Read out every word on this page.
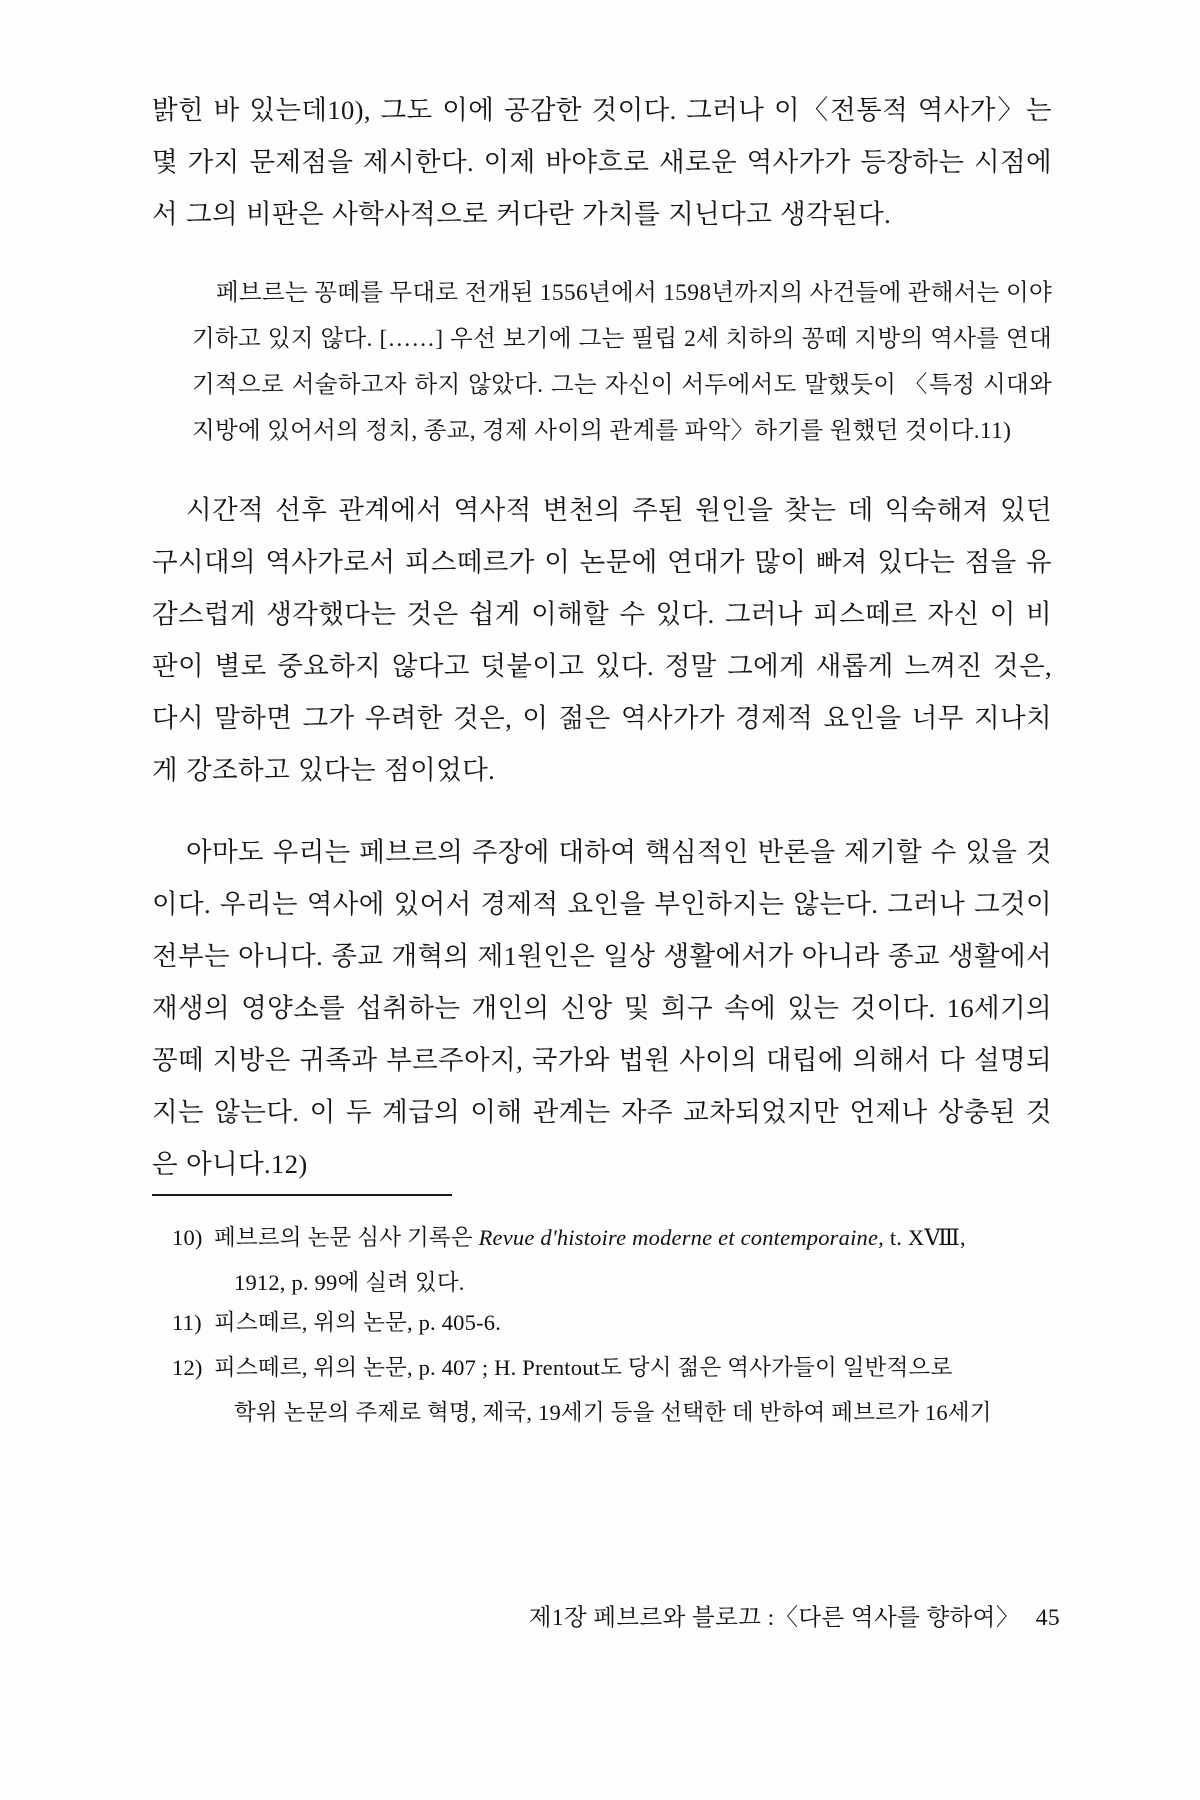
밝힌 바 있는데10), 그도 이에 공감한 것이다. 그러나 이〈전통적 역사가〉는 몇 가지 문제점을 제시한다. 이제 바야흐로 새로운 역사가가 등장하는 시점에서 그의 비판은 사학사적으로 커다란 가치를 지닌다고 생각된다.

페브르는 꽁떼를 무대로 전개된 1556년에서 1598년까지의 사건들에 관해서는 이야기하고 있지 않다. [……] 우선 보기에 그는 필립 2세 치하의 꽁떼 지방의 역사를 연대기적으로 서술하고자 하지 않았다. 그는 자신이 서두에서도 말했듯이 〈특정 시대와 지방에 있어서의 정치, 종교, 경제 사이의 관계를 파악〉하기를 원했던 것이다.11)

시간적 선후 관계에서 역사적 변천의 주된 원인을 찾는 데 익숙해져 있던 구시대의 역사가로서 피스떼르가 이 논문에 연대가 많이 빠져 있다는 점을 유감스럽게 생각했다는 것은 쉽게 이해할 수 있다. 그러나 피스떼르 자신 이 비판이 별로 중요하지 않다고 덧붙이고 있다. 정말 그에게 새롭게 느껴진 것은, 다시 말하면 그가 우려한 것은, 이 젊은 역사가가 경제적 요인을 너무 지나치게 강조하고 있다는 점이었다.

아마도 우리는 페브르의 주장에 대하여 핵심적인 반론을 제기할 수 있을 것이다. 우리는 역사에 있어서 경제적 요인을 부인하지는 않는다. 그러나 그것이 전부는 아니다. 종교 개혁의 제1원인은 일상 생활에서가 아니라 종교 생활에서 재생의 영양소를 섭취하는 개인의 신앙 및 희구 속에 있는 것이다. 16세기의 꽁떼 지방은 귀족과 부르주아지, 국가와 법원 사이의 대립에 의해서 다 설명되지는 않는다. 이 두 계급의 이해 관계는 자주 교차되었지만 언제나 상충된 것은 아니다.12)

10) 페브르의 논문 심사 기록은 Revue d'histoire moderne et contemporaine, t. XⅧ,
1912, p. 99에 실려 있다.
11) 피스떼르, 위의 논문, p. 405-6.
12) 피스떼르, 위의 논문, p. 407 ; H. Prentout도 당시 젊은 역사가들이 일반적으로
학위 논문의 주제로 혁명, 제국, 19세기 등을 선택한 데 반하여 페브르가 16세기
제1장 페브르와 블로끄 :〈다른 역사를 향하여〉 45
